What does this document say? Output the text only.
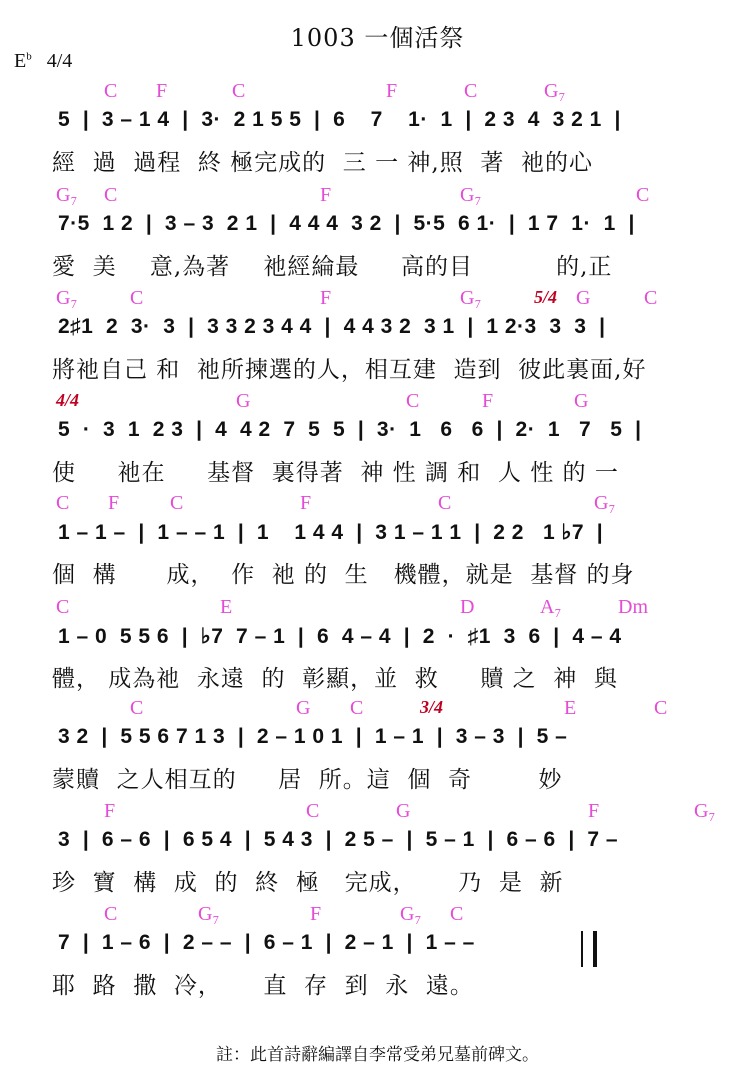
1003 一個活祭
$E^b$ 4/4
C F	C	F	C	G₇
5  |  3 – 1 4  |  3·  2 1 5 5  |  6    7    1·  1  |  2 3  4  3 2 1  |
經  過  過程  終 極完成的  三 一 神,照  著  祂的心
G₇ C	F	G₇	C
7·5  1 2  |  3 – 3  2 1  |  4 4 4  3 2  |  5·5  6 1·  |  1 7  1·  1  |
愛  美    意,為著    祂經綸最     高的目          的,正
G₇	C	F	G₇	5/4 G	C
2♯1  2  3·  3  |  3 3 2 3 4 4  |  4 4 3 2  3 1  |  1 2·3  3  3  |
將祂自己 和  祂所揀選的人，相互建  造到  彼此裏面,好
4/4	G	C	F	G
5  ·  3  1  2 3  |  4  4 2  7  5  5  |  3·  1   6   6  |  2·  1   7   5  |
使     祂在     基督  裏得著  神 性 調 和  人 性 的 一
C F	C	F	C	G₇
1 – 1 –  |  1 – – 1  |  1    1 4 4  |  3 1 – 1 1  |  2 2   1 ♭7  |
個  構      成，  作  祂 的  生   機體，就是  基督 的身
C	E	D	A₇	Dm
1 – 0  5 5 6  |  ♭7  7 – 1  |  6  4 – 4  |  2  ·  ♯1  3  6  |  4 – 4
體， 成為祂  永遠  的  彰顯，並  救     贖 之  神  與
C	G C	3/4	E	C
3 2  |  5 5 6 7 1 3  |  2 – 1 0 1  |  1 – 1  |  3 – 3  |  5 –
蒙贖  之人相互的     居  所。這  個  奇        妙
F	C	G	F	G₇
3  |  6 – 6  |  6 5 4  |  5 4 3  |  2 5 –  |  5 – 1  |  6 – 6  |  7 –
珍  寶  構  成  的  終  極   完成，     乃  是  新
C	G₇	F	G₇ C
7  |  1 – 6  |  2 – –  |  6 – 1  |  2 – 1  |  1 – –
耶  路  撒  冷，     直  存  到  永  遠。
註：此首詩辭編譯自李常受弟兄墓前碑文。
